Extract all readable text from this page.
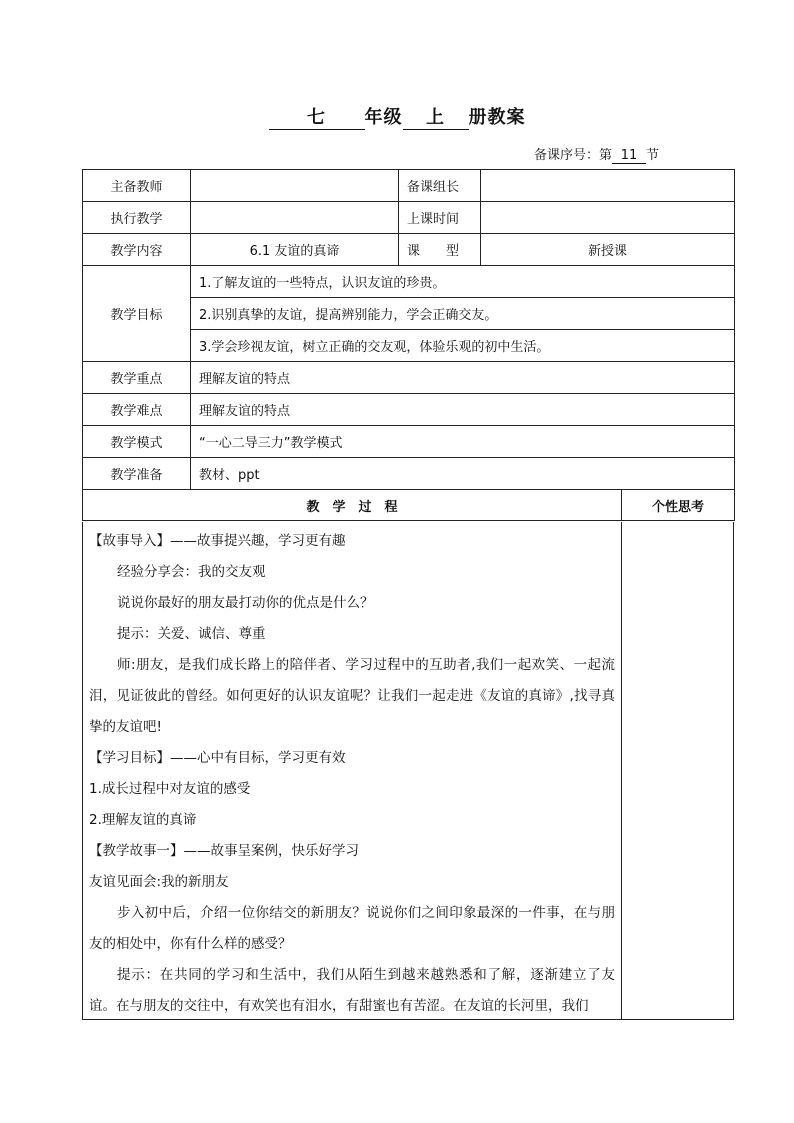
七 年级 上 册教案
备课序号：第 11 节
主备教师		备课组长		
执行教学		上课时间		
教学内容	6.1 友谊的真谛	课　　型	新授课	
教学目标	1.了解友谊的一些特点，认识友谊的珍贵。			
	2.识别真挚的友谊，提高辨别能力，学会正确交友。			
	3.学会珍视友谊，树立正确的交友观，体验乐观的初中生活。			
教学重点	理解友谊的特点			
教学难点	理解友谊的特点			
教学模式	“一心二导三力”教学模式			
教学准备	教材、ppt			
教　学　过　程				个性思考
【故事导入】——故事提兴趣，学习更有趣
经验分享会：我的交友观
说说你最好的朋友最打动你的优点是什么？
提示：关爱、诚信、尊重
师:朋友，是我们成长路上的陪伴者、学习过程中的互助者,我们一起欢笑、一起流泪，见证彼此的曾经。如何更好的认识友谊呢？让我们一起走进《友谊的真谛》,找寻真挚的友谊吧!
【学习目标】——心中有目标，学习更有效
1.成长过程中对友谊的感受
2.理解友谊的真谛
【教学故事一】——故事呈案例，快乐好学习
友谊见面会:我的新朋友
步入初中后，介绍一位你结交的新朋友？说说你们之间印象最深的一件事，在与朋友的相处中，你有什么样的感受？
提示：在共同的学习和生活中，我们从陌生到越来越熟悉和了解，逐渐建立了友谊。在与朋友的交往中，有欢笑也有泪水，有甜蜜也有苦涩。在友谊的长河里，我们
